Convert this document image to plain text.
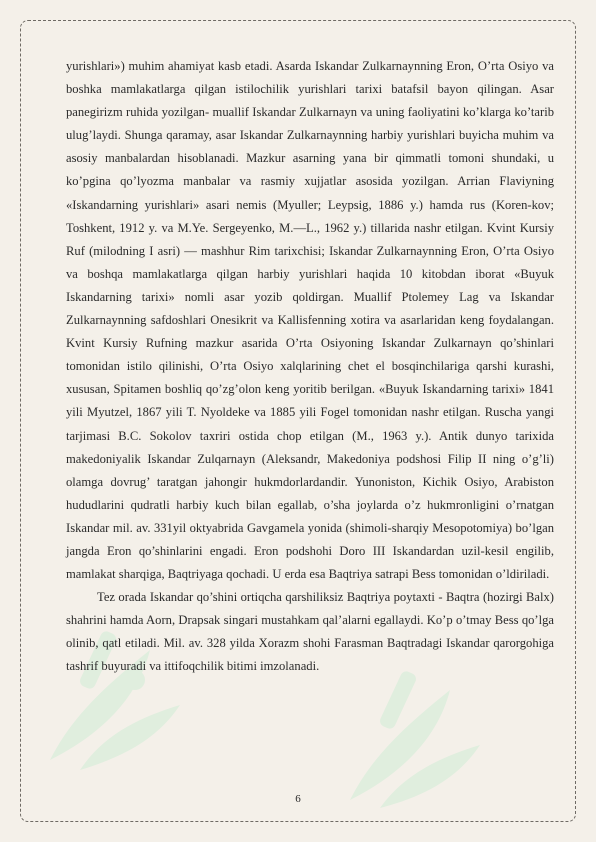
yurishlari») muhim ahamiyat kasb etadi. Asarda Iskandar Zulkarnaynning Eron, O’rta Osiyo va boshka mamlakatlarga qilgan istilochilik yurishlari tarixi batafsil bayon qilingan. Asar panegirizm ruhida yozilgan- muallif Iskandar Zulkarnayn va uning faoliyatini ko’klarga ko’tarib ulug’laydi. Shunga qaramay, asar Iskandar Zulkarnaynning harbiy yurishlari buyicha muhim va asosiy manbalardan hisoblanadi. Mazkur asarning yana bir qimmatli tomoni shundaki, u ko’pgina qo’lyozma manbalar va rasmiy xujjatlar asosida yozilgan. Arrian Flaviyning «Iskandarning yurishlari» asari nemis (Myuller; Leypsig, 1886 y.) hamda rus (Koren-kov; Toshkent, 1912 y. va M.Ye. Sergeyenko, M.—L., 1962 y.) tillarida nashr etilgan. Kvint Kursiy Ruf (milodning I asri) — mashhur Rim tarixchisi; Iskandar Zulkarnaynning Eron, O’rta Osiyo va boshqa mamlakatlarga qilgan harbiy yurishlari haqida 10 kitobdan iborat «Buyuk Iskandarning tarixi» nomli asar yozib qoldirgan. Muallif Ptolemey Lag va Iskandar Zulkarnaynning safdoshlari Onesikrit va Kallisfenning xotira va asarlaridan keng foydalangan. Kvint Kursiy Rufning mazkur asarida O’rta Osiyoning Iskandar Zulkarnayn qo’shinlari tomonidan istilo qilinishi, O’rta Osiyo xalqlarining chet el bosqinchilariga qarshi kurashi, xususan, Spitamen boshliq qo’zg’olon keng yoritib berilgan. «Buyuk Iskandarning tarixi» 1841 yili Myutzel, 1867 yili T. Nyoldeke va 1885 yili Fogel tomonidan nashr etilgan. Ruscha yangi tarjimasi B.C. Sokolov taxriri ostida chop etilgan (M., 1963 y.). Antik dunyo tarixida makedoniyalik Iskandar Zulqarnayn (Aleksandr, Makedoniya podshosi Filip II ning o’g’li) olamga dovrug’ taratgan jahongir hukmdorlardandir. Yunoniston, Kichik Osiyo, Arabiston hududlarini qudratli harbiy kuch bilan egallab, o’sha joylarda o’z hukmronligini o’rnatgan Iskandar mil. av. 331yil oktyabrida Gavgamela yonida (shimoli-sharqiy Mesopotomiya) bo’lgan jangda Eron qo’shinlarini engadi. Eron podshohi Doro III Iskandardan uzil-kesil engilib, mamlakat sharqiga, Baqtriyaga qochadi. U erda esa Baqtriya satrapi Bess tomonidan o’ldiriladi.

Tez orada Iskandar qo’shini ortiqcha qarshiliksiz Baqtriya poytaxti - Baqtra (hozirgi Balx) shahrini hamda Aorn, Drapsak singari mustahkam qal’alarni egallaydi. Ko’p o’tmay Bess qo’lga olinib, qatl etiladi. Mil. av. 328 yilda Xorazm shohi Farasman Baqtradagi Iskandar qarorgohiga tashrif buyuradi va ittifoqchilik bitimi imzolanadi.

6
